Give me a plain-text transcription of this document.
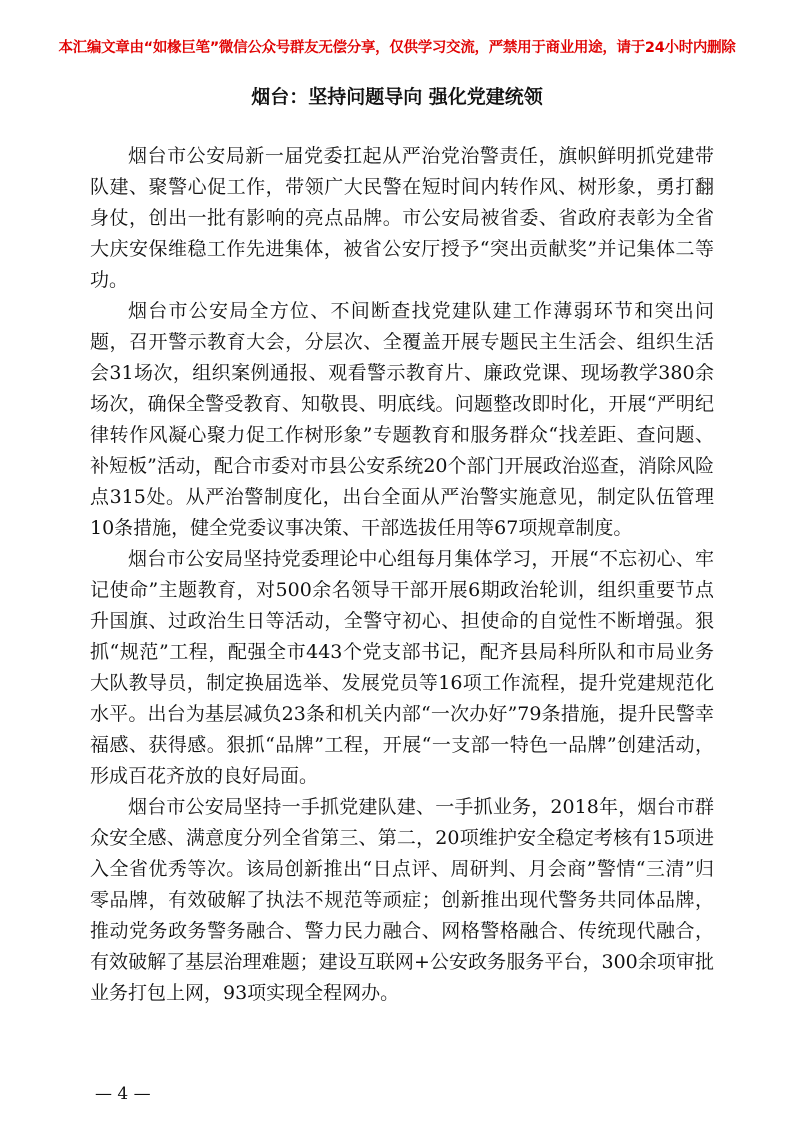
本汇编文章由“如椽巨笔”微信公众号群友无偿分享，仅供学习交流，严禁用于商业用途，请于24小时内删除
烟台：坚持问题导向 强化党建统领

烟台市公安局新一届党委扛起从严治党治警责任，旗帜鲜明抓党建带队建、聚警心促工作，带领广大民警在短时间内转作风、树形象，勇打翻身仗，创出一批有影响的亮点品牌。市公安局被省委、省政府表彰为全省大庆安保维稳工作先进集体，被省公安厅授予“突出贡献奖”并记集体二等功。

烟台市公安局全方位、不间断查找党建队建工作薄弱环节和突出问题，召开警示教育大会，分层次、全覆盖开展专题民主生活会、组织生活会31场次，组织案例通报、观看警示教育片、廉政党课、现场教学380余场次，确保全警受教育、知敬畏、明底线。问题整改即时化，开展“严明纪律转作风凝心聚力促工作树形象”专题教育和服务群众“找差距、查问题、补短板”活动，配合市委对市县公安系统20个部门开展政治巡查，消除风险点315处。从严治警制度化，出台全面从严治警实施意见，制定队伍管理10条措施，健全党委议事决策、干部选拔任用等67项规章制度。

烟台市公安局坚持党委理论中心组每月集体学习，开展“不忘初心、牢记使命”主题教育，对500余名领导干部开展6期政治轮训，组织重要节点升国旗、过政治生日等活动，全警守初心、担使命的自觉性不断增强。狠抓“规范”工程，配强全市443个党支部书记，配齐县局科所队和市局业务大队教导员，制定换届选举、发展党员等16项工作流程，提升党建规范化水平。出台为基层减负23条和机关内部“一次办好”79条措施，提升民警幸福感、获得感。狠抓“品牌”工程，开展“一支部一特色一品牌”创建活动，形成百花齐放的良好局面。

烟台市公安局坚持一手抓党建队建、一手抓业务，2018年，烟台市群众安全感、满意度分列全省第三、第二，20项维护安全稳定考核有15项进入全省优秀等次。该局创新推出“日点评、周研判、月会商”警情“三清”归零品牌，有效破解了执法不规范等顽症；创新推出现代警务共同体品牌，推动党务政务警务融合、警力民力融合、网格警格融合、传统现代融合，有效破解了基层治理难题；建设互联网+公安政务服务平台，300余项审批业务打包上网，93项实现全程网办。

— 4 —
